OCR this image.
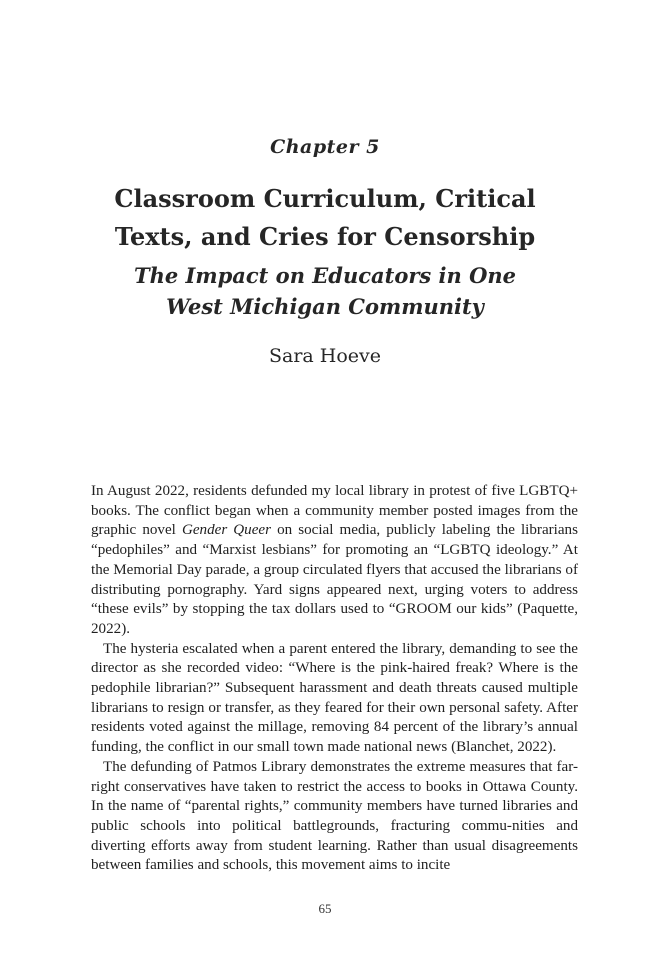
Chapter 5
Classroom Curriculum, Critical
Texts, and Cries for Censorship
The Impact on Educators in One
West Michigan Community
Sara Hoeve

In August 2022, residents defunded my local library in protest of five LGBTQ+ books. The conflict began when a community member posted images from the graphic novel Gender Queer on social media, publicly labeling the librarians “pedophiles” and “Marxist lesbians” for promoting an “LGBTQ ideology.” At the Memorial Day parade, a group circulated flyers that accused the librarians of distributing pornography. Yard signs appeared next, urging voters to address “these evils” by stopping the tax dollars used to “GROOM our kids” (Paquette, 2022).

The hysteria escalated when a parent entered the library, demanding to see the director as she recorded video: “Where is the pink-haired freak? Where is the pedophile librarian?” Subsequent harassment and death threats caused multiple librarians to resign or transfer, as they feared for their own personal safety. After residents voted against the millage, removing 84 percent of the library’s annual funding, the conflict in our small town made national news (Blanchet, 2022).

The defunding of Patmos Library demonstrates the extreme measures that far-right conservatives have taken to restrict the access to books in Ottawa County. In the name of “parental rights,” community members have turned libraries and public schools into political battlegrounds, fracturing commu-nities and diverting efforts away from student learning. Rather than usual disagreements between families and schools, this movement aims to incite

65
